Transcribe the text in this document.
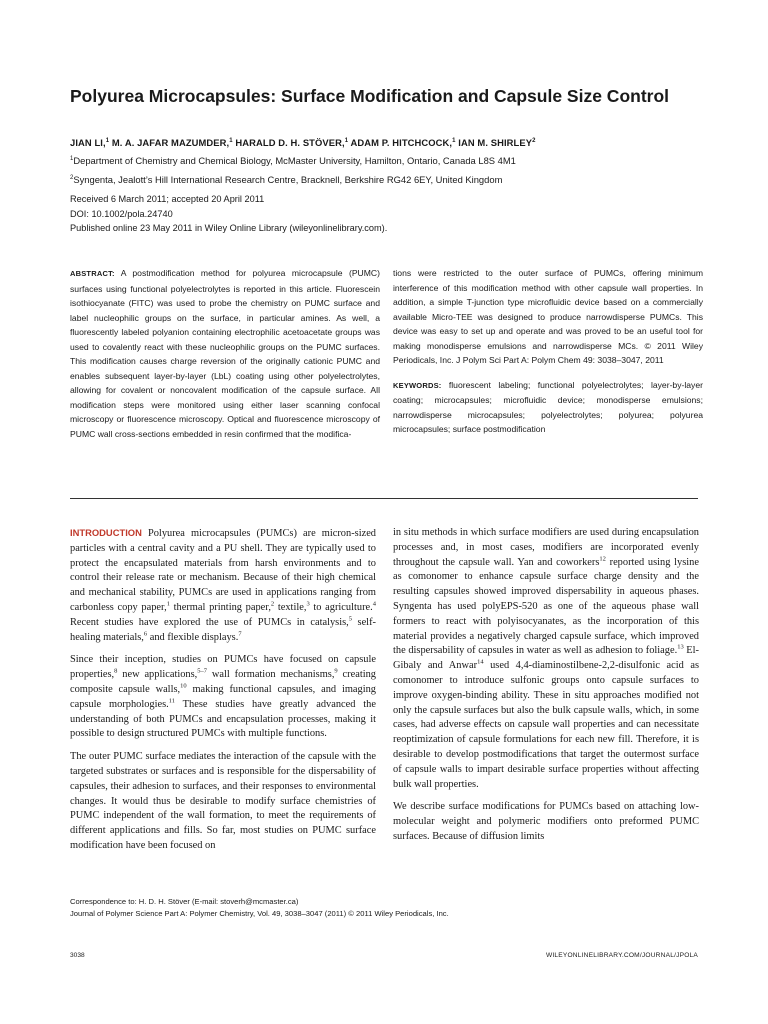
Polyurea Microcapsules: Surface Modification and Capsule Size Control
JIAN LI,$^1$ M. A. JAFAR MAZUMDER,$^1$ HARALD D. H. STÖVER,$^1$ ADAM P. HITCHCOCK,$^1$ IAN M. SHIRLEY$^2$
$^1$Department of Chemistry and Chemical Biology, McMaster University, Hamilton, Ontario, Canada L8S 4M1
$^2$Syngenta, Jealott’s Hill International Research Centre, Bracknell, Berkshire RG42 6EY, United Kingdom
Received 6 March 2011; accepted 20 April 2011
DOI: 10.1002/pola.24740
Published online 23 May 2011 in Wiley Online Library (wileyonlinelibrary.com).
ABSTRACT: A postmodification method for polyurea microcapsule (PUMC) surfaces using functional polyelectrolytes is reported in this article. Fluorescein isothiocyanate (FITC) was used to probe the chemistry on PUMC surface and label nucleophilic groups on the surface, in particular amines. As well, a fluorescently labeled polyanion containing electrophilic acetoacetate groups was used to covalently react with these nucleophilic groups on the PUMC surfaces. This modification causes charge reversion of the originally cationic PUMC and enables subsequent layer-by-layer (LbL) coating using other polyelectrolytes, allowing for covalent or noncovalent modification of the capsule surface. All modification steps were monitored using either laser scanning confocal microscopy or fluorescence microscopy. Optical and fluorescence microscopy of PUMC wall cross-sections embedded in resin confirmed that the modifica-
tions were restricted to the outer surface of PUMCs, offering minimum interference of this modification method with other capsule wall properties. In addition, a simple T-junction type microfluidic device based on a commercially available Micro-TEE was designed to produce narrowdisperse PUMCs. This device was easy to set up and operate and was proved to be an useful tool for making monodisperse emulsions and narrowdisperse MCs. © 2011 Wiley Periodicals, Inc. J Polym Sci Part A: Polym Chem 49: 3038–3047, 2011
KEYWORDS: fluorescent labeling; functional polyelectrolytes; layer-by-layer coating; microcapsules; microfluidic device; monodisperse emulsions; narrowdisperse microcapsules; polyelectrolytes; polyurea; polyurea microcapsules; surface postmodification

INTRODUCTION Polyurea microcapsules (PUMCs) are micron-sized particles with a central cavity and a PU shell. They are typically used to protect the encapsulated materials from harsh environments and to control their release rate or mechanism. Because of their high chemical and mechanical stability, PUMCs are used in applications ranging from carbonless copy paper,$^1$ thermal printing paper,$^2$ textile,$^3$ to agriculture.$^4$ Recent studies have explored the use of PUMCs in catalysis,$^5$ self-healing materials,$^6$ and flexible displays.$^7$

Since their inception, studies on PUMCs have focused on capsule properties,$^8$ new applications,$^{5-7}$ wall formation mechanisms,$^9$ creating composite capsule walls,$^{10}$ making functional capsules, and imaging capsule morphologies.$^{11}$ These studies have greatly advanced the understanding of both PUMCs and encapsulation processes, making it possible to design structured PUMCs with multiple functions.

The outer PUMC surface mediates the interaction of the capsule with the targeted substrates or surfaces and is responsible for the dispersability of capsules, their adhesion to surfaces, and their responses to environmental changes. It would thus be desirable to modify surface chemistries of PUMC independent of the wall formation, to meet the requirements of different applications and fills. So far, most studies on PUMC surface modification have been focused on

in situ methods in which surface modifiers are used during encapsulation processes and, in most cases, modifiers are incorporated evenly throughout the capsule wall. Yan and coworkers$^{12}$ reported using lysine as comonomer to enhance capsule surface charge density and the resulting capsules showed improved dispersability in aqueous phases. Syngenta has used polyEPS-520 as one of the aqueous phase wall formers to react with polyisocyanates, as the incorporation of this material provides a negatively charged capsule surface, which improved the dispersability of capsules in water as well as adhesion to foliage.$^{13}$ El-Gibaly and Anwar$^{14}$ used 4,4-diaminostilbene-2,2-disulfonic acid as comonomer to introduce sulfonic groups onto capsule surfaces to improve oxygen-binding ability. These in situ approaches modified not only the capsule surfaces but also the bulk capsule walls, which, in some cases, had adverse effects on capsule wall properties and can necessitate reoptimization of capsule formulations for each new fill. Therefore, it is desirable to develop postmodifications that target the outermost surface of capsule walls to impart desirable surface properties without affecting bulk wall properties.

We describe surface modifications for PUMCs based on attaching low-molecular weight and polymeric modifiers onto preformed PUMC surfaces. Because of diffusion limits

Correspondence to: H. D. H. Stöver (E-mail: stoverh@mcmaster.ca)
Journal of Polymer Science Part A: Polymer Chemistry, Vol. 49, 3038–3047 (2011) © 2011 Wiley Periodicals, Inc.
3038	WILEYONLINELIBRARY.COM/JOURNAL/JPOLA
